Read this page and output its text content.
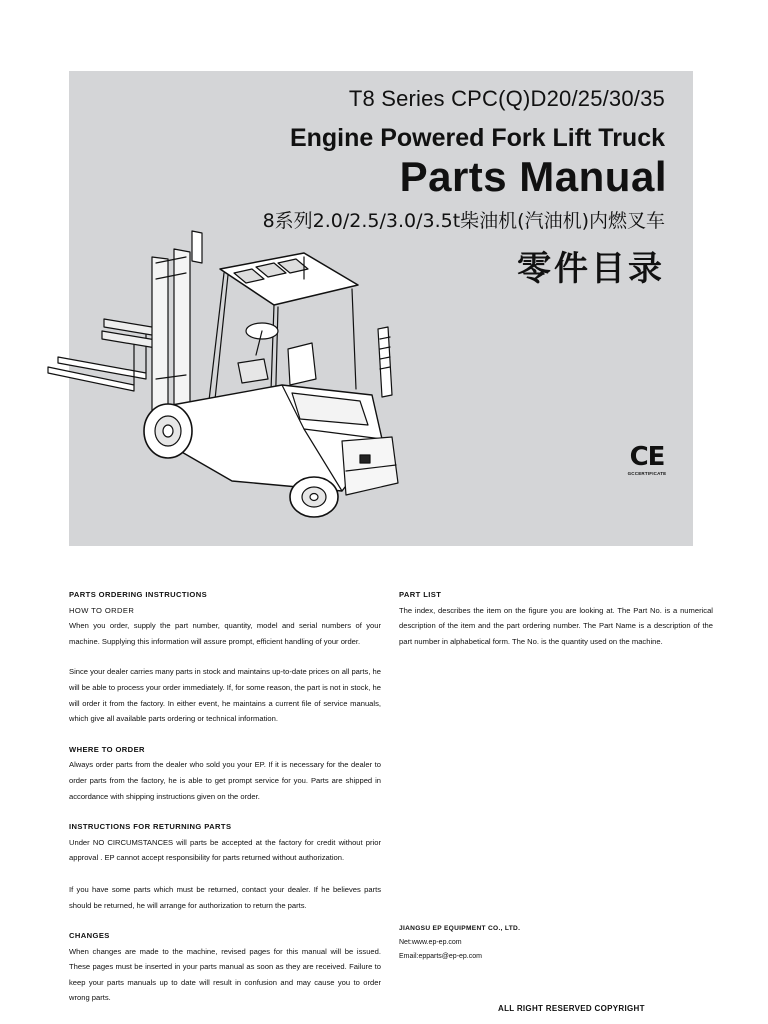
T8 Series CPC(Q)D20/25/30/35
Engine Powered Fork Lift Truck
Parts Manual
8系列2.0/2.5/3.0/3.5t柴油机(汽油机)内燃叉车
零件目录
CE
GCCERTIFICATE

PARTS ORDERING INSTRUCTIONS

HOW TO ORDER

When you order, supply the part number, quantity, model and serial numbers of your machine. Supplying this information will assure prompt, efficient handling of your order.

Since your dealer carries many parts in stock and maintains up-to-date prices on all parts, he will be able to process your order immediately. If, for some reason, the part is not in stock, he will order it from the factory. In either event, he maintains a current file of service manuals, which give all available parts ordering or technical information.

WHERE TO ORDER

Always order parts from the dealer who sold you your EP. If it is necessary for the dealer to order parts from the factory, he is able to get prompt service for you. Parts are shipped in accordance with shipping instructions given on the order.

INSTRUCTIONS FOR RETURNING PARTS

Under NO CIRCUMSTANCES will parts be accepted at the factory for credit without prior approval . EP cannot accept responsibility for parts returned without authorization.

If you have some parts which must be returned, contact your dealer. If he believes parts should be returned, he will arrange for authorization to return the parts.

CHANGES

When changes are made to the machine, revised pages for this manual will be issued. These pages must be inserted in your parts manual as soon as they are received. Failure to keep your parts manuals up to date will result in confusion and may cause you to order wrong parts.

PART LIST

The index, describes the item on the figure you are looking at. The Part No. is a numerical description of the item and the part ordering number. The Part Name is a description of the part number in alphabetical form. The No. is the quantity used on the machine.

JIANGSU EP EQUIPMENT CO., LTD.
Net:www.ep-ep.com
Email:epparts@ep-ep.com
ALL RIGHT RESERVED COPYRIGHT
